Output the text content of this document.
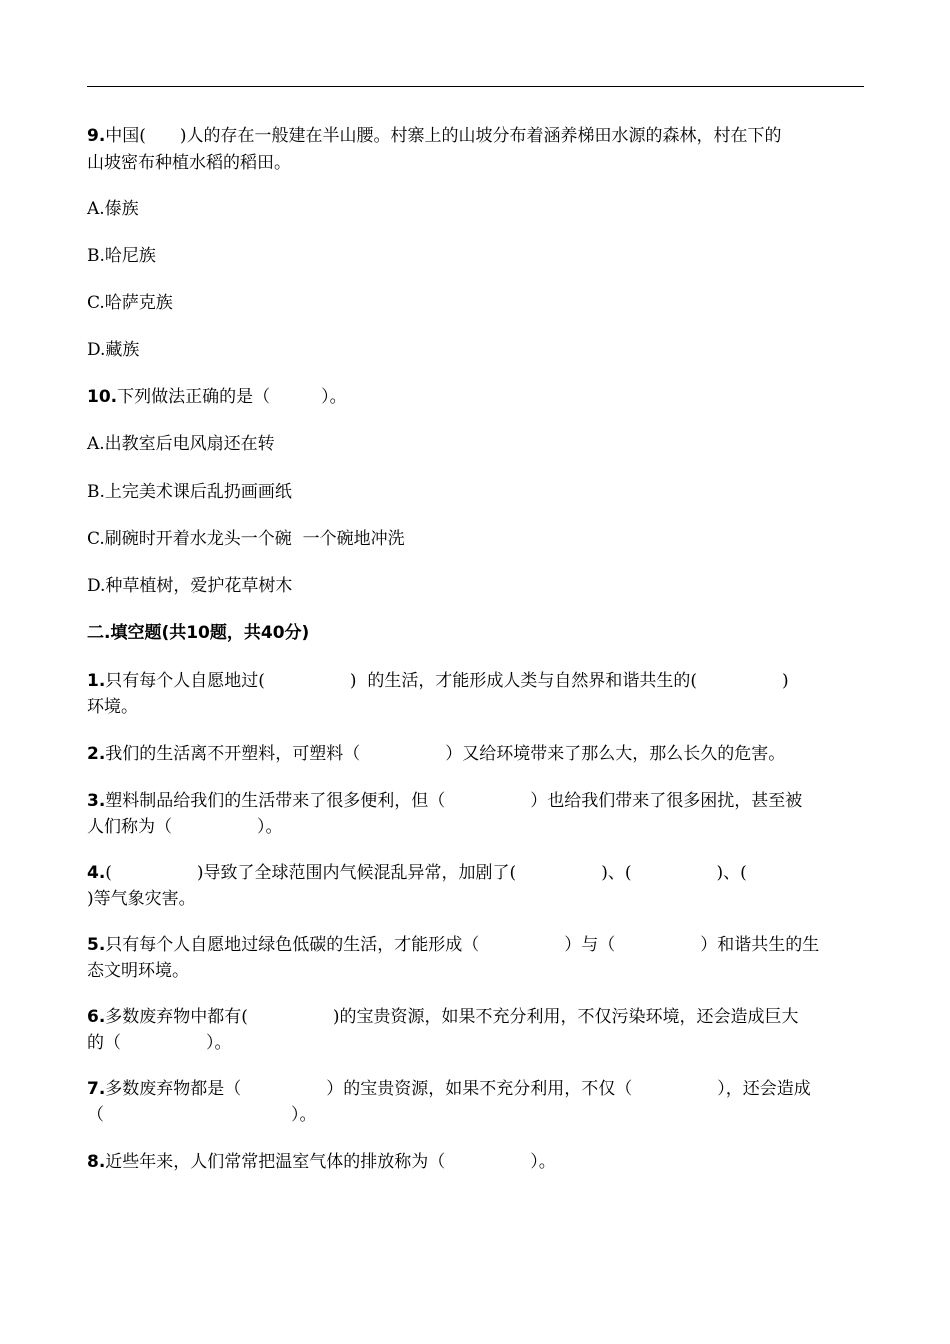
9.中国(　　)人的存在一般建在半山腰。村寨上的山坡分布着涵养梯田水源的森林，村在下的
山坡密布种植水稻的稻田。
A.傣族
B.哈尼族
C.哈萨克族
D.藏族
10.下列做法正确的是（　　　）。
A.出教室后电风扇还在转
B.上完美术课后乱扔画画纸
C.刷碗时开着水龙头一个碗  一个碗地冲洗
D.种草植树，爱护花草树木
二.填空题(共10题，共40分)
1.只有每个人自愿地过(　　　　　)  的生活，才能形成人类与自然界和谐共生的(　　　　　)
环境。
2.我们的生活离不开塑料，可塑料（　　　　　）又给环境带来了那么大，那么长久的危害。
3.塑料制品给我们的生活带来了很多便利，但（　　　　　）也给我们带来了很多困扰，甚至被
人们称为（　　　　　）。
4.(　　　　　)导致了全球范围内气候混乱异常，加剧了(　　　　　)、(　　　　　)、(
)等气象灾害。
5.只有每个人自愿地过绿色低碳的生活，才能形成（　　　　　）与（　　　　　）和谐共生的生
态文明环境。
6.多数废弃物中都有(　　　　　)的宝贵资源，如果不充分利用，不仅污染环境，还会造成巨大
的（　　　　　）。
7.多数废弃物都是（　　　　　）的宝贵资源，如果不充分利用，不仅（　　　　　），还会造成
（　　　　　　　　　　　）。
8.近些年来，人们常常把温室气体的排放称为（　　　　　）。
